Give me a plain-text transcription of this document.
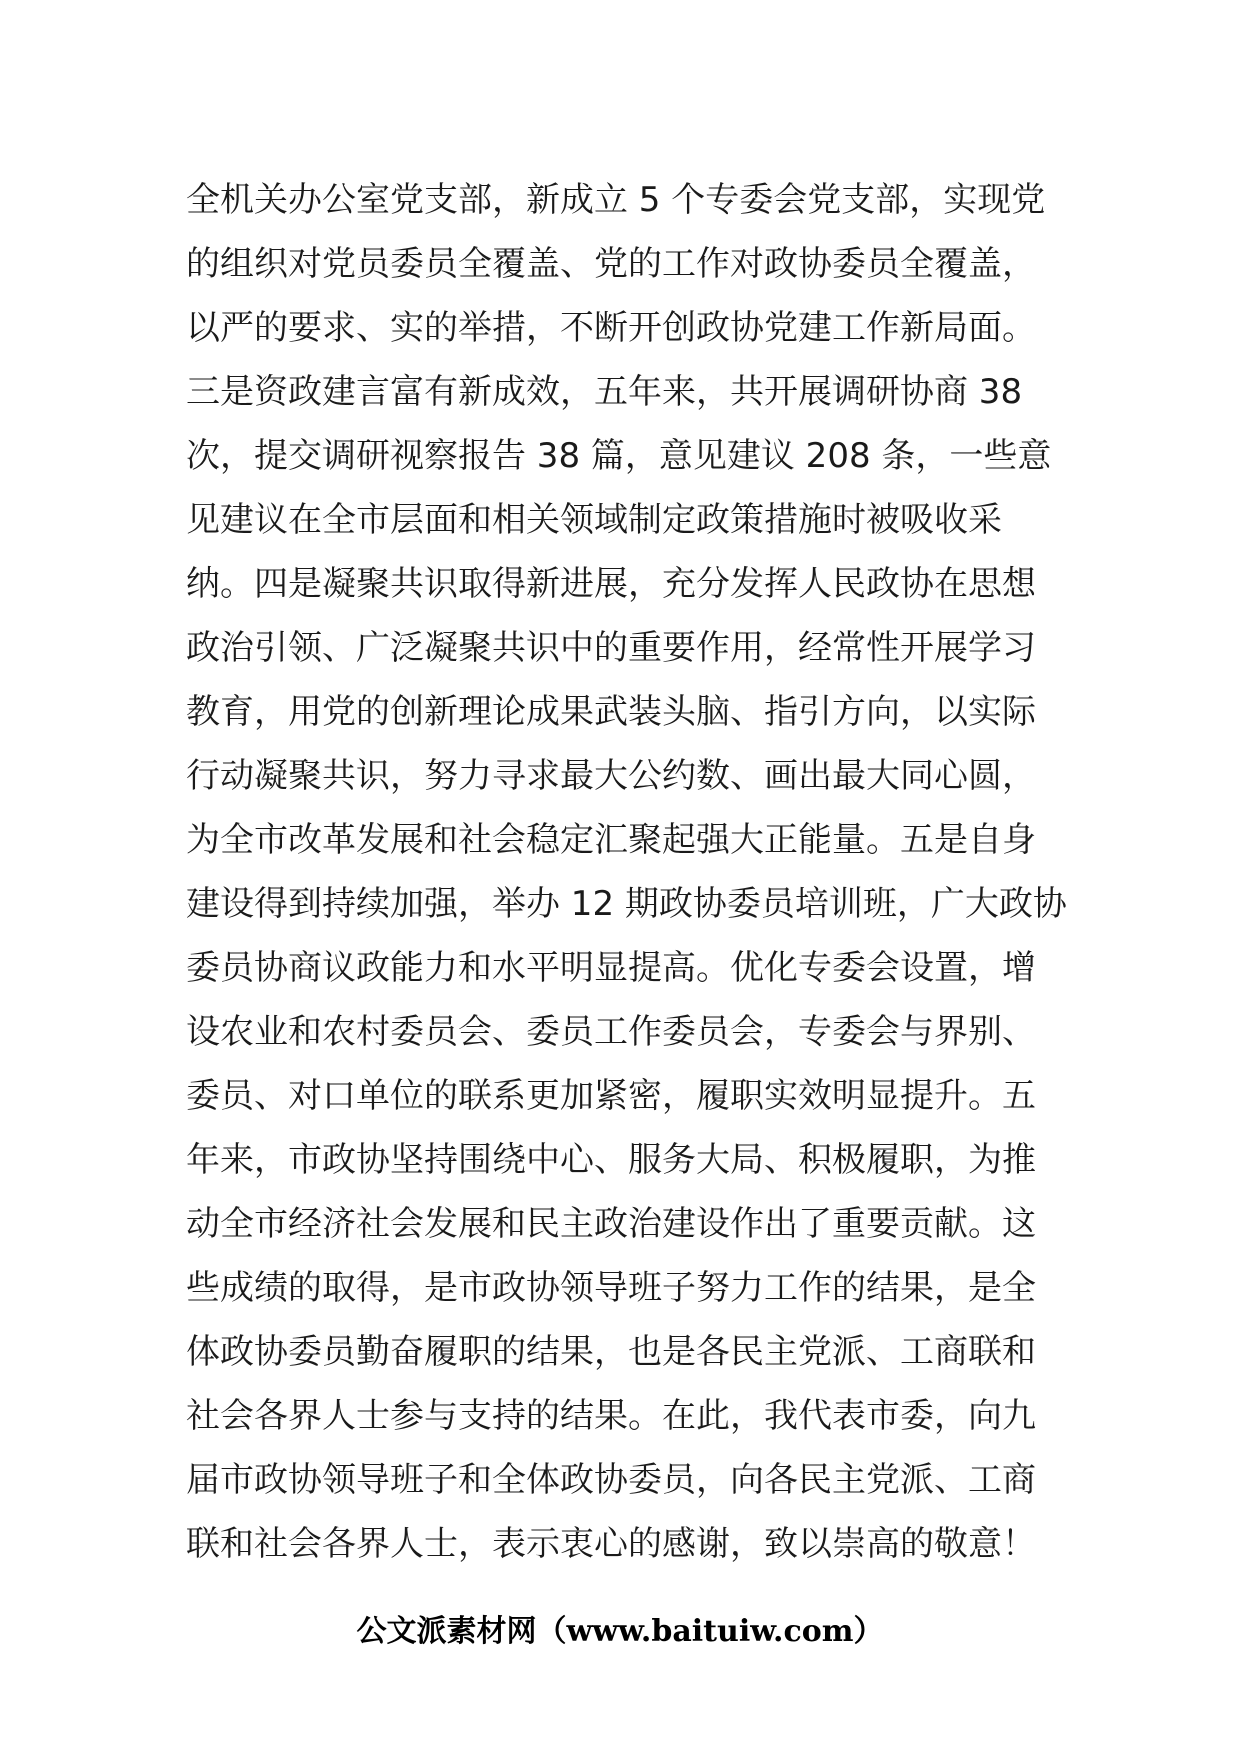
全机关办公室党支部，新成立 5 个专委会党支部，实现党
的组织对党员委员全覆盖、党的工作对政协委员全覆盖，
以严的要求、实的举措，不断开创政协党建工作新局面。
三是资政建言富有新成效，五年来，共开展调研协商 38
次，提交调研视察报告 38 篇，意见建议 208 条，一些意
见建议在全市层面和相关领域制定政策措施时被吸收采
纳。四是凝聚共识取得新进展，充分发挥人民政协在思想
政治引领、广泛凝聚共识中的重要作用，经常性开展学习
教育，用党的创新理论成果武装头脑、指引方向，以实际
行动凝聚共识，努力寻求最大公约数、画出最大同心圆，
为全市改革发展和社会稳定汇聚起强大正能量。五是自身
建设得到持续加强，举办 12 期政协委员培训班，广大政协
委员协商议政能力和水平明显提高。优化专委会设置，增
设农业和农村委员会、委员工作委员会，专委会与界别、
委员、对口单位的联系更加紧密，履职实效明显提升。五
年来，市政协坚持围绕中心、服务大局、积极履职，为推
动全市经济社会发展和民主政治建设作出了重要贡献。这
些成绩的取得，是市政协领导班子努力工作的结果，是全
体政协委员勤奋履职的结果，也是各民主党派、工商联和
社会各界人士参与支持的结果。在此，我代表市委，向九
届市政协领导班子和全体政协委员，向各民主党派、工商
联和社会各界人士，表示衷心的感谢，致以崇高的敬意！
公文派素材网（www.baituiw.com）
